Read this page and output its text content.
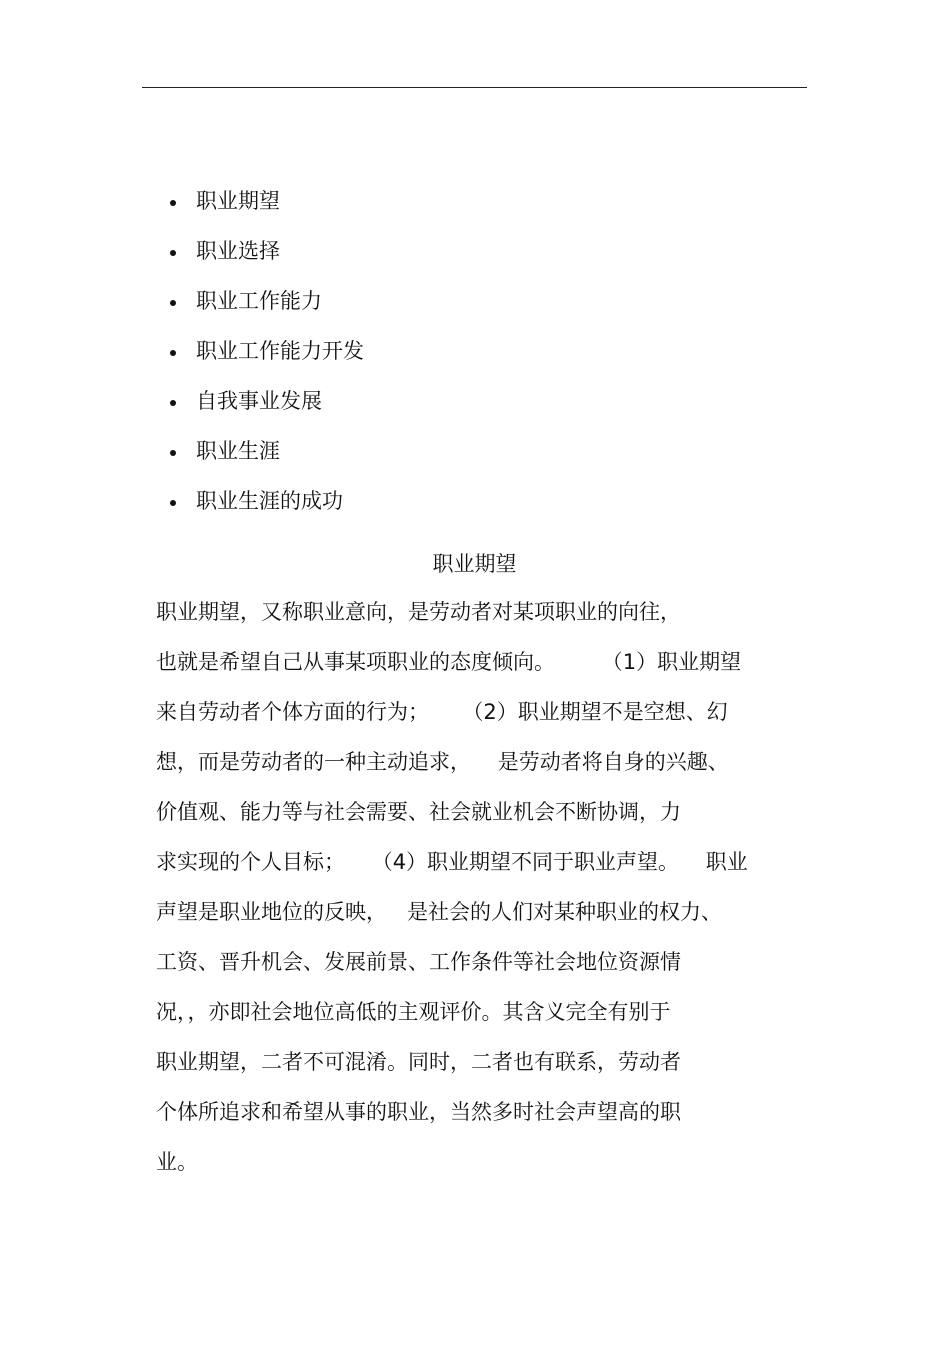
职业期望
职业选择
职业工作能力
职业工作能力开发
自我事业发展
职业生涯
职业生涯的成功
职业期望
职业期望，又称职业意向，是劳动者对某项职业的向往，
也就是希望自己从事某项职业的态度倾向。       （1）职业期望
来自劳动者个体方面的行为；     （2）职业期望不是空想、幻
想，而是劳动者的一种主动追求，    是劳动者将自身的兴趣、
价值观、能力等与社会需要、社会就业机会不断协调，力
求实现的个人目标；    （4）职业期望不同于职业声望。    职业
声望是职业地位的反映，   是社会的人们对某种职业的权力、
工资、晋升机会、发展前景、工作条件等社会地位资源情
况，，亦即社会地位高低的主观评价。其含义完全有别于
职业期望，二者不可混淆。同时，二者也有联系，劳动者
个体所追求和希望从事的职业，当然多时社会声望高的职
业。
